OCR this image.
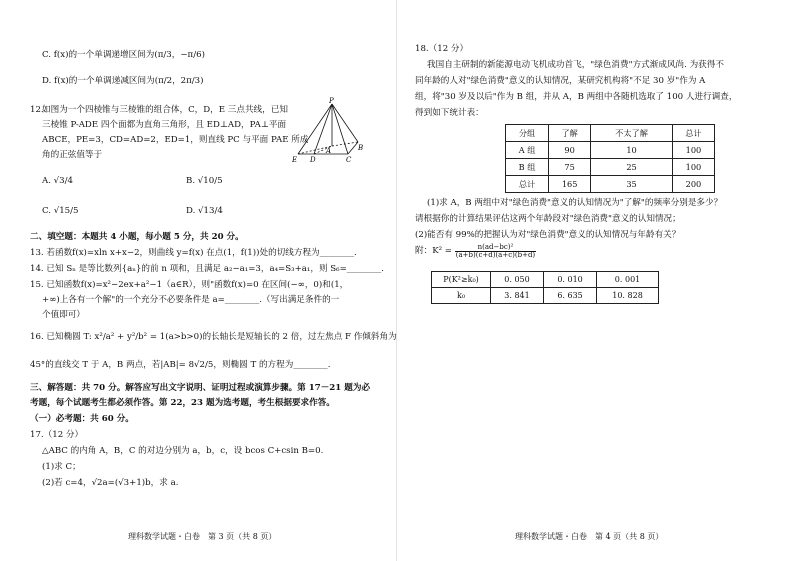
C. f(x)的一个单调递增区间为(π/3，−π/6)
D. f(x)的一个单调递减区间为(π/2，2π/3)
12.
如图为一个四棱锥与三棱锥的组合体，C，D，E 三点共线，已知
三棱锥 P-ADE 四个面都为直角三角形，且 ED⊥AD，PA⊥平面
ABCE，PE=3，CD=AD=2，ED=1，则直线 PC 与平面 PAE 所成
角的正弦值等于
P
E D
A	B
C
A. √3/4	B. √10/5
C. √15/5	D. √13/4
二、填空题：本题共 4 小题，每小题 5 分，共 20 分。
13. 若函数f(x)=xln x+x−2，则曲线 y=f(x) 在点(1，f(1))处的切线方程为________.
14. 已知 Sₙ 是等比数列{aₙ}的前 n 项和，且满足 a₂−a₁=3，a₄=S₃+a₁，则 S₆=________.
15. 已知函数f(x)=x²−2ex+a²−1（a∈R），则"函数f(x)=0 在区间(−∞，0)和(1，
+∞)上各有一个解"的一个充分不必要条件是 a=________.（写出满足条件的一
个值即可）
16. 已知椭圆 T: x²/a² + y²/b² = 1(a>b>0)的长轴长是短轴长的 2 倍，过左焦点 F 作倾斜角为
45°的直线交 T 于 A，B 两点，若|AB|= 8√2/5，则椭圆 T 的方程为________.
三、解答题：共 70 分。解答应写出文字说明、证明过程或演算步骤。第 17－21 题为必
考题，每个试题考生都必须作答。第 22，23 题为选考题，考生根据要求作答。
（一）必考题：共 60 分。
17.（12 分）
△ABC 的内角 A，B，C 的对边分别为 a，b，c，设 bcos C+csin B=0.
(1)求 C；
(2)若 c=4，√2a=(√3+1)b，求 a.
理科数学试题・白卷　第 3 页（共 8 页）
18.（12 分）
我国自主研制的新能源电动飞机成功首飞，"绿色消费"方式渐成风尚. 为获得不
同年龄的人对"绿色消费"意义的认知情况，某研究机构将"不足 30 岁"作为 A
组，将"30 岁及以后"作为 B 组，并从 A，B 两组中各随机选取了 100 人进行调查，
得到如下统计表：
分组	了解	不太了解	总计
A 组	90	10	100
B 组	75	25	100
总计	165	35	200
(1)求 A，B 两组中对"绿色消费"意义的认知情况为"了解"的频率分别是多少？
请根据你的计算结果评估这两个年龄段对"绿色消费"意义的认知情况；
(2)能否有 99%的把握认为对"绿色消费"意义的认知情况与年龄有关？
附：$K^2 = \frac{\text{n(ad−bc)²}}{(a+b)(c+d)(a+c)(b+d)}$
P(K²≥k₀)	0. 050	0. 010	0. 001
k₀	3. 841	6. 635	10. 828
理科数学试题・白卷　第 4 页（共 8 页）
